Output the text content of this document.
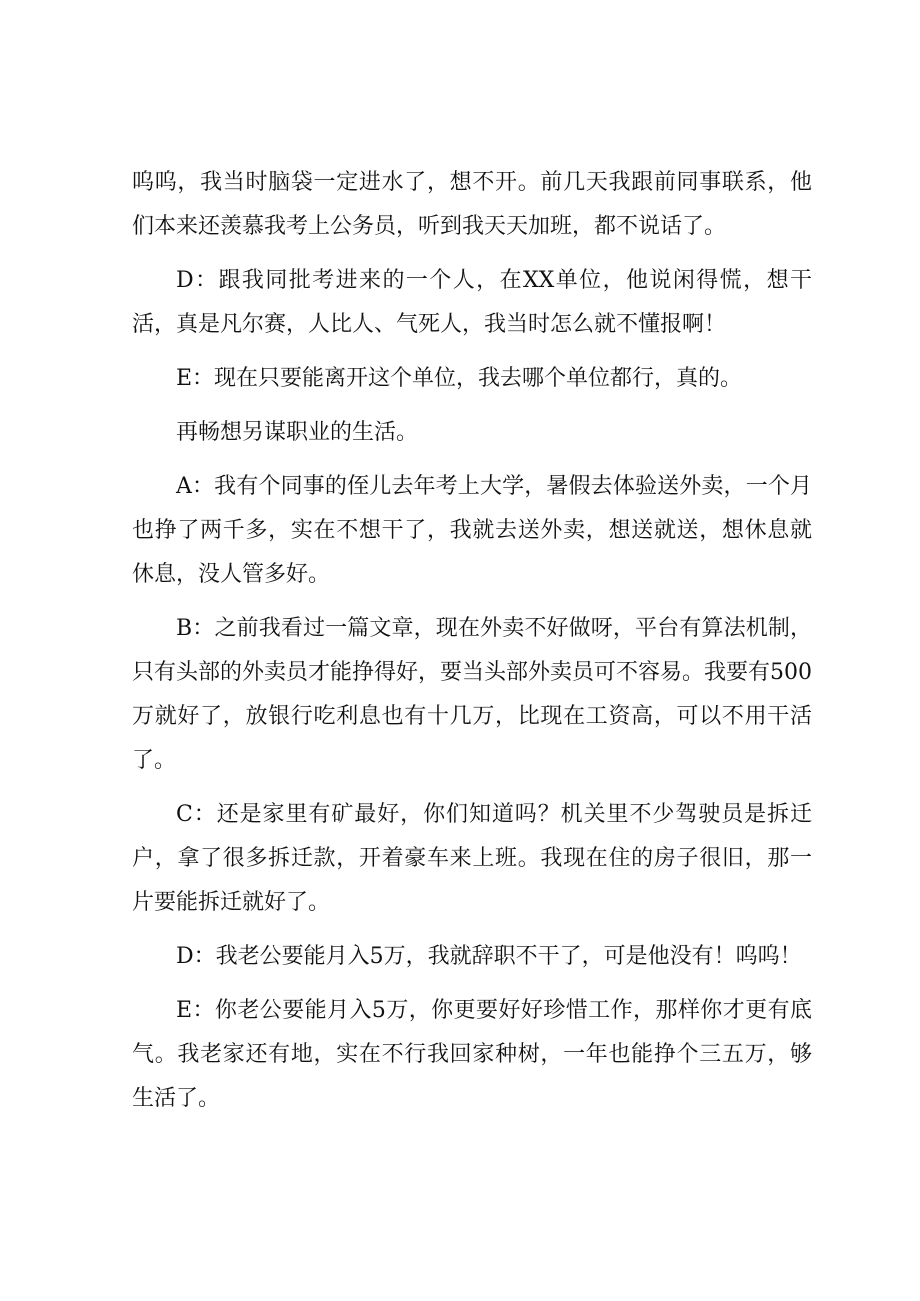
呜呜，我当时脑袋一定进水了，想不开。前几天我跟前同事联系，他们本来还羡慕我考上公务员，听到我天天加班，都不说话了。

D：跟我同批考进来的一个人，在XX单位，他说闲得慌，想干活，真是凡尔赛，人比人、气死人，我当时怎么就不懂报啊！

E：现在只要能离开这个单位，我去哪个单位都行，真的。

再畅想另谋职业的生活。

A：我有个同事的侄儿去年考上大学，暑假去体验送外卖，一个月也挣了两千多，实在不想干了，我就去送外卖，想送就送，想休息就休息，没人管多好。

B：之前我看过一篇文章，现在外卖不好做呀，平台有算法机制，只有头部的外卖员才能挣得好，要当头部外卖员可不容易。我要有500万就好了，放银行吃利息也有十几万，比现在工资高，可以不用干活了。

C：还是家里有矿最好，你们知道吗？机关里不少驾驶员是拆迁户，拿了很多拆迁款，开着豪车来上班。我现在住的房子很旧，那一片要能拆迁就好了。

D：我老公要能月入5万，我就辞职不干了，可是他没有！呜呜！

E：你老公要能月入5万，你更要好好珍惜工作，那样你才更有底气。我老家还有地，实在不行我回家种树，一年也能挣个三五万，够生活了。
